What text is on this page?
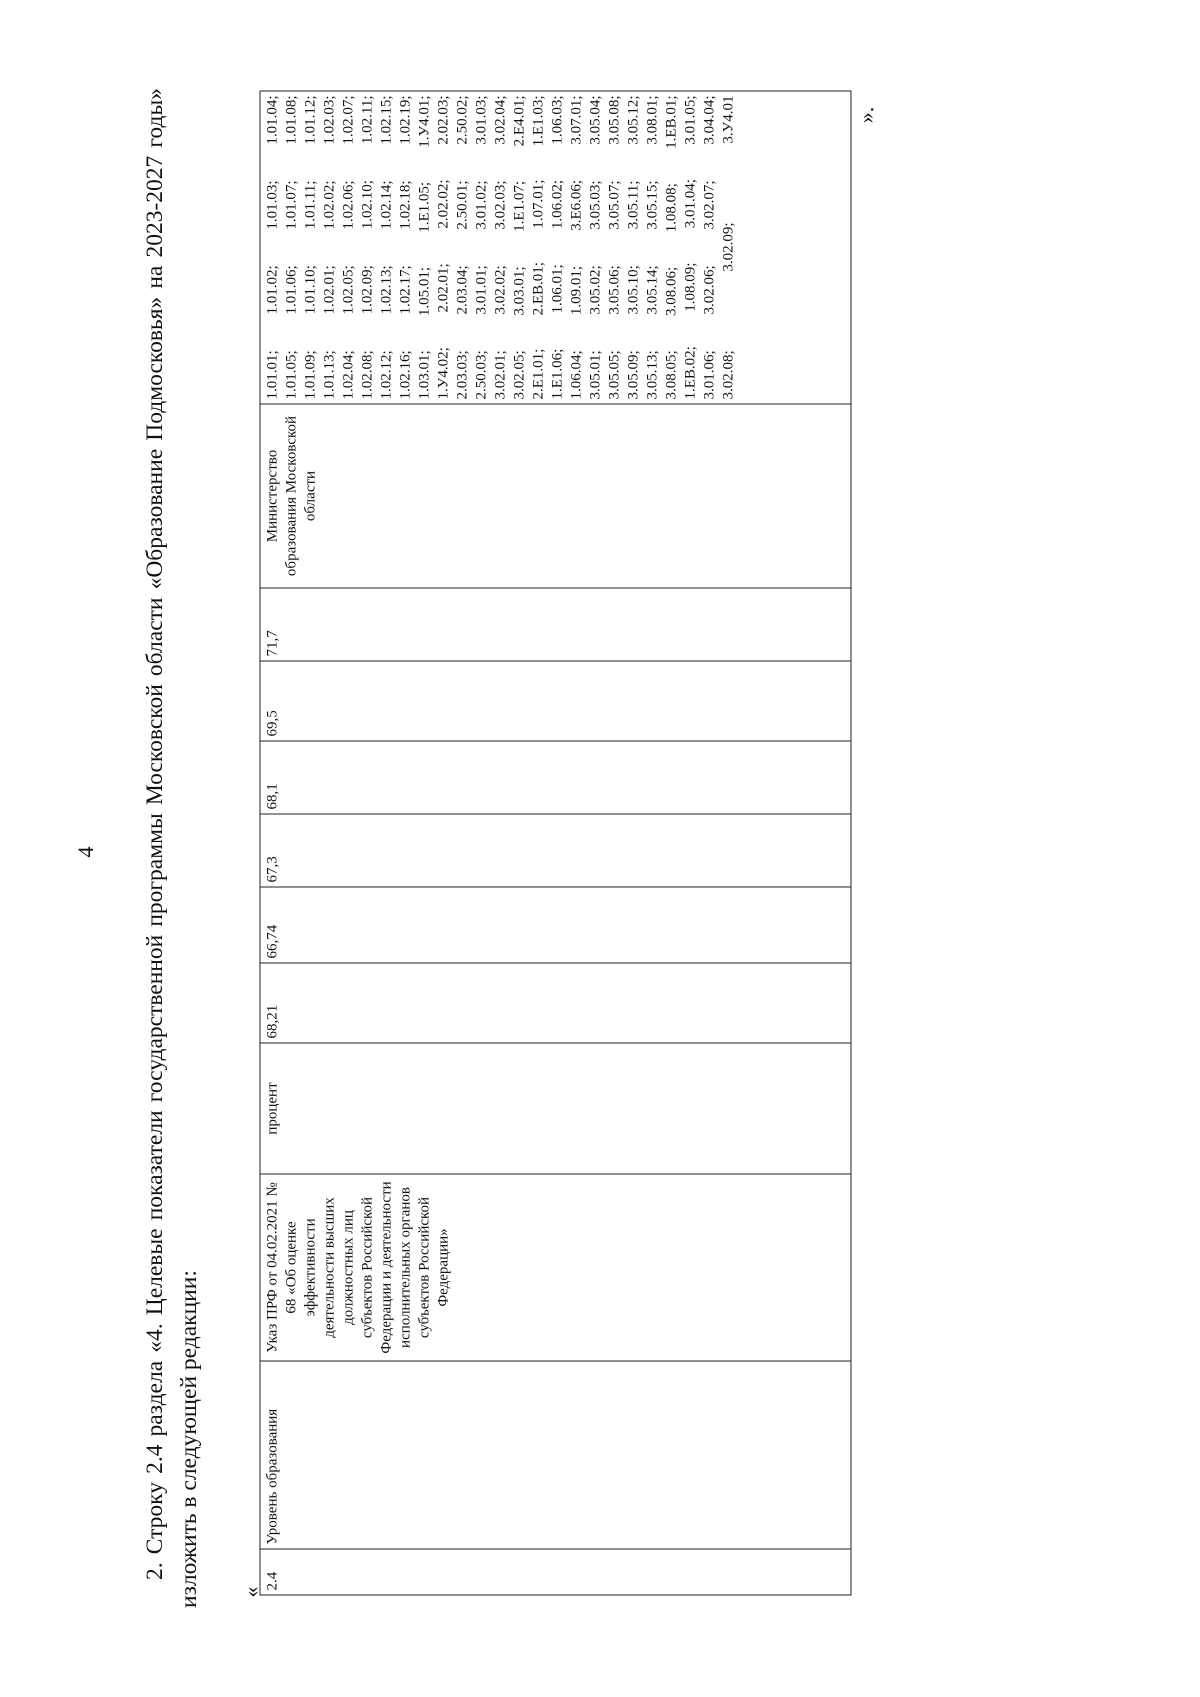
4 2. Строку 2.4 раздела «4. Целевые показатели государственной программы Московской области «Образование Подмосковья» на 2023-2027 годы» изложить в следующей редакции: «
».
2.4	Уровень образования	Указ ПРФ от 04.02.2021 № 68 «Об оценке эффективности деятельности высших должностных лиц субъектов Российской Федерации и деятельности исполнительных органов субъектов Российской Федерации»	процент	68,21	66,74	67,3	68,1	69,5	71,7	Министерство образования Московской области	
1.01.01; 1.01.02; 1.01.03; 1.01.04; 1.01.05; 1.01.06; 1.01.07; 1.01.08; 1.01.09; 1.01.10; 1.01.11; 1.01.12; 1.01.13; 1.02.01; 1.02.02; 1.02.03; 1.02.04; 1.02.05; 1.02.06; 1.02.07; 1.02.08; 1.02.09; 1.02.10; 1.02.11; 1.02.12; 1.02.13; 1.02.14; 1.02.15; 1.02.16; 1.02.17; 1.02.18; 1.02.19; 1.03.01; 1.05.01; 1.Е1.05; 1.У4.01; 1.У4.02; 2.02.01; 2.02.02; 2.02.03; 2.03.03; 2.03.04; 2.50.01; 2.50.02; 2.50.03; 3.01.01; 3.01.02; 3.01.03; 3.02.01; 3.02.02; 3.02.03; 3.02.04; 3.02.05; 3.03.01; 1.Е1.07; 2.Е4.01; 2.Е1.01; 2.ЕВ.01; 1.07.01; 1.Е1.03; 1.Е1.06; 1.06.01; 1.06.02; 1.06.03; 1.06.04; 1.09.01; 3.Е6.06; 3.07.01; 3.05.01; 3.05.02; 3.05.03; 3.05.04; 3.05.05; 3.05.06; 3.05.07; 3.05.08; 3.05.09; 3.05.10; 3.05.11; 3.05.12; 3.05.13; 3.05.14; 3.05.15; 3.08.01; 3.08.05; 3.08.06; 1.08.08; 1.ЕВ.01; 1.ЕВ.02; 1.08.09; 3.01.04; 3.01.05; 3.01.06; 3.02.06; 3.02.07; 3.04.04; 3.02.08; 3.02.09; 3.У4.01
